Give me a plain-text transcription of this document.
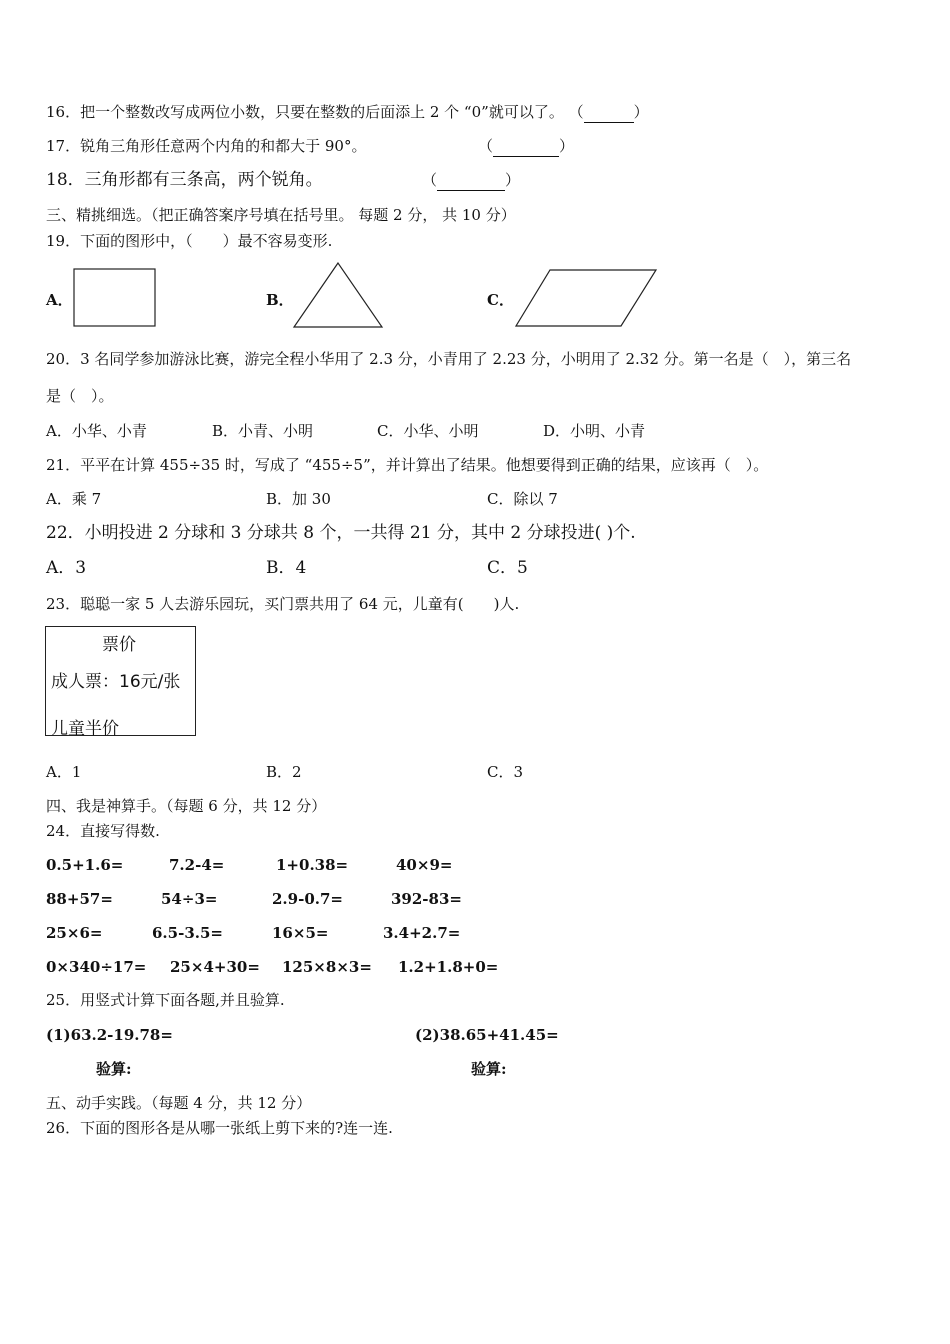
16．把一个整数改写成两位小数，只要在整数的后面添上 2 个 “0”就可以了。 （	）
17．锐角三角形任意两个内角的和都大于 90°。	（	）
18．三角形都有三条高，两个锐角。	（	）
三、精挑细选。（把正确答案序号填在括号里。 每题 2 分， 共 10 分）
19．下面的图形中，（　　）最不容易变形.
A．	B．	C．
20．3 名同学参加游泳比赛，游完全程小华用了 2.3 分，小青用了 2.23 分，小明用了 2.32 分。第一名是（　），第三名
是（　）。
A．小华、小青	B．小青、小明	C．小华、小明	D．小明、小青
21．平平在计算 455÷35 时，写成了 “455÷5”，并计算出了结果。他想要得到正确的结果，应该再（　）。
A．乘 7	B．加 30	C．除以 7
22．小明投进 2 分球和 3 分球共 8 个，一共得 21 分，其中 2 分球投进( )个.
A．3	B．4	C．5
23．聪聪一家 5 人去游乐园玩，买门票共用了 64 元，儿童有(　　)人.
票价
成人票：16元/张
儿童半价
A．1	B．2	C．3
四、我是神算手。（每题 6 分，共 12 分）
24．直接写得数.
0.5+1.6=	7.2-4=	1+0.38=	40×9=
88+57=	54÷3=	2.9-0.7=	392-83=
25×6=	6.5-3.5=	16×5=	3.4+2.7=
0×340÷17= 25×4+30= 125×8×3= 1.2+1.8+0=
25．用竖式计算下面各题,并且验算.
(1)63.2-19.78=	(2)38.65+41.45=
验算:	验算:
五、动手实践。（每题 4 分，共 12 分）
26．下面的图形各是从哪一张纸上剪下来的?连一连.
